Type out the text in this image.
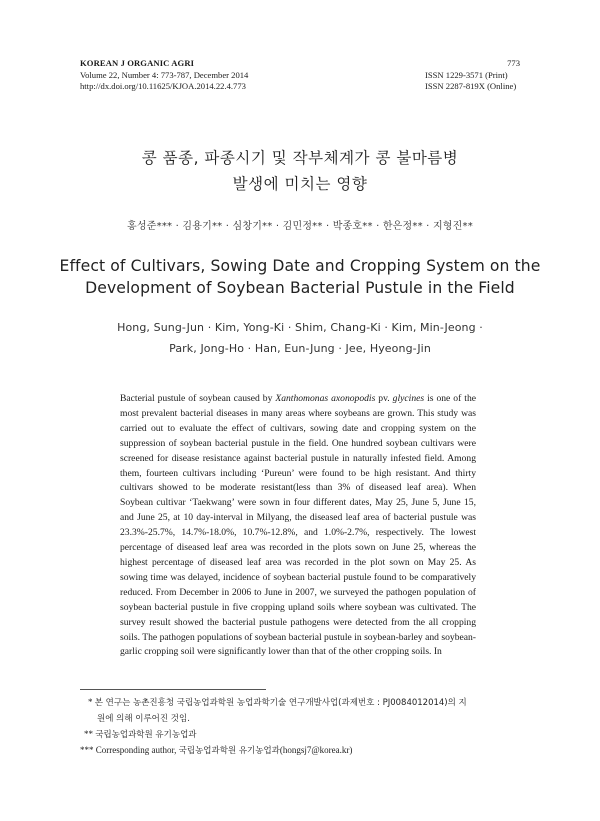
KOREAN J ORGANIC AGRI
Volume 22, Number 4: 773-787, December 2014
http://dx.doi.org/10.11625/KJOA.2014.22.4.773
773
ISSN 1229-3571 (Print)
ISSN 2287-819X (Online)
콩 품종, 파종시기 및 작부체계가 콩 불마름병
발생에 미치는 영향
홍성준*** · 김용기** · 심창기** · 김민정** · 박종호** · 한은정** · 지형진**
Effect of Cultivars, Sowing Date and Cropping System on the
Development of Soybean Bacterial Pustule in the Field
Hong, Sung-Jun · Kim, Yong-Ki · Shim, Chang-Ki · Kim, Min-Jeong ·
Park, Jong-Ho · Han, Eun-Jung · Jee, Hyeong-Jin

Bacterial pustule of soybean caused by Xanthomonas axonopodis pv. glycines is one of the most prevalent bacterial diseases in many areas where soybeans are grown. This study was carried out to evaluate the effect of cultivars, sowing date and cropping system on the suppression of soybean bacterial pustule in the field. One hundred soybean cultivars were screened for disease resistance against bacterial pustule in naturally infested field. Among them, fourteen cultivars including ‘Pureun’ were found to be high resistant. And thirty cultivars showed to be moderate resistant(less than 3% of diseased leaf area). When Soybean cultivar ‘Taekwang’ were sown in four different dates, May 25, June 5, June 15, and June 25, at 10 day-interval in Milyang, the diseased leaf area of bacterial pustule was 23.3%-25.7%, 14.7%-18.0%, 10.7%-12.8%, and 1.0%-2.7%, respectively. The lowest percentage of diseased leaf area was recorded in the plots sown on June 25, whereas the highest percentage of diseased leaf area was recorded in the plot sown on May 25. As sowing time was delayed, incidence of soybean bacterial pustule found to be comparatively reduced. From December in 2006 to June in 2007, we surveyed the pathogen population of soybean bacterial pustule in five cropping upland soils where soybean was cultivated. The survey result showed the bacterial pustule pathogens were detected from the all cropping soils. The pathogen populations of soybean bacterial pustule in soybean-barley and soybean-garlic cropping soil were significantly lower than that of the other cropping soils. In

* 본 연구는 농촌진흥청 국립농업과학원 농업과학기술 연구개발사업(과제번호 : PJ0084012014)의 지
원에 의해 이루어진 것임.
** 국립농업과학원 유기농업과
*** Corresponding author, 국립농업과학원 유기농업과(hongsj7@korea.kr)
